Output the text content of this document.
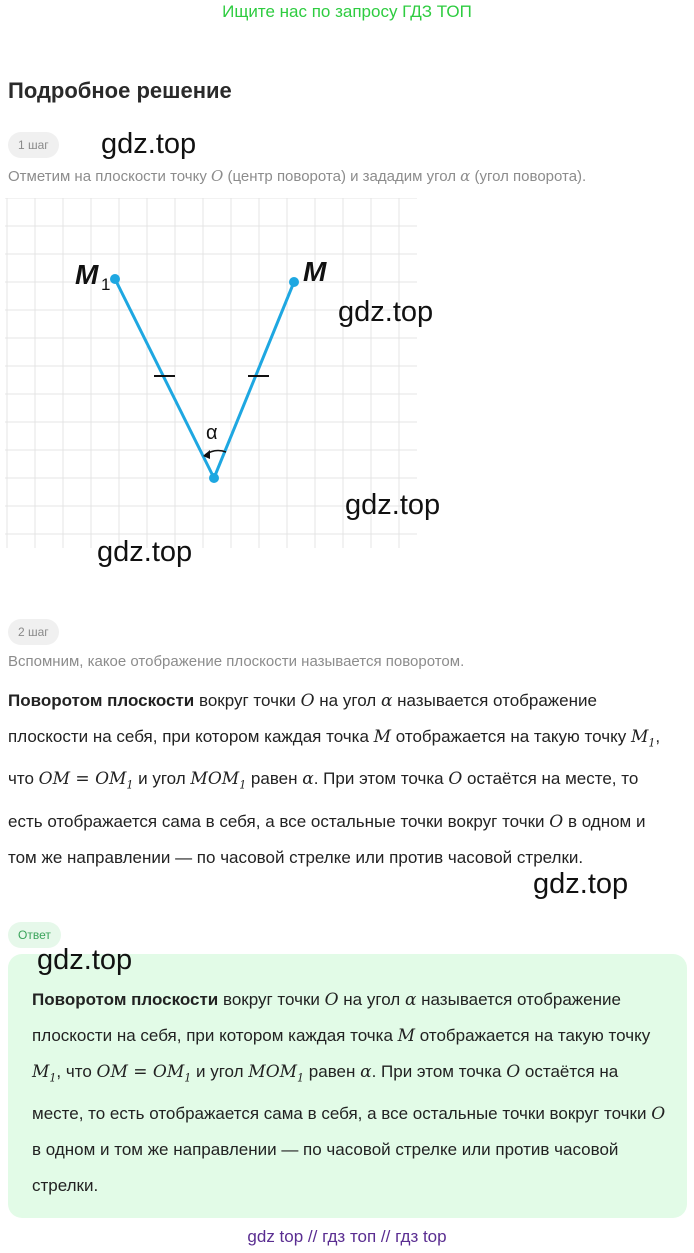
Ищите нас по запросу ГДЗ ТОП
Подробное решение
1 шаг	gdz.top
Отметим на плоскости точку O (центр поворота) и зададим угол α (угол поворота).
M 1	M
α
gdz.top
gdz.top
gdz.top
2 шаг
Вспомним, какое отображение плоскости называется поворотом.
Поворотом плоскости вокруг точки O на угол α называется отображение плоскости на себя, при котором каждая точка M отображается на такую точку $M_1$, что OM = $OM_1$ и угол $MOM_1$ равен α. При этом точка O остаётся на месте, то есть отображается сама в себя, а все остальные точки вокруг точки O в одном и том же направлении — по часовой стрелке или против часовой стрелки.
gdz.top
Ответ
gdz.top
Поворотом плоскости вокруг точки O на угол α называется отображение плоскости на себя, при котором каждая точка M отображается на такую точку $M_1$, что OM = $OM_1$ и угол $MOM_1$ равен α. При этом точка O остаётся на месте, то есть отображается сама в себя, а все остальные точки вокруг точки O в одном и том же направлении — по часовой стрелке или против часовой стрелки.
gdz top // гдз топ // гдз top
